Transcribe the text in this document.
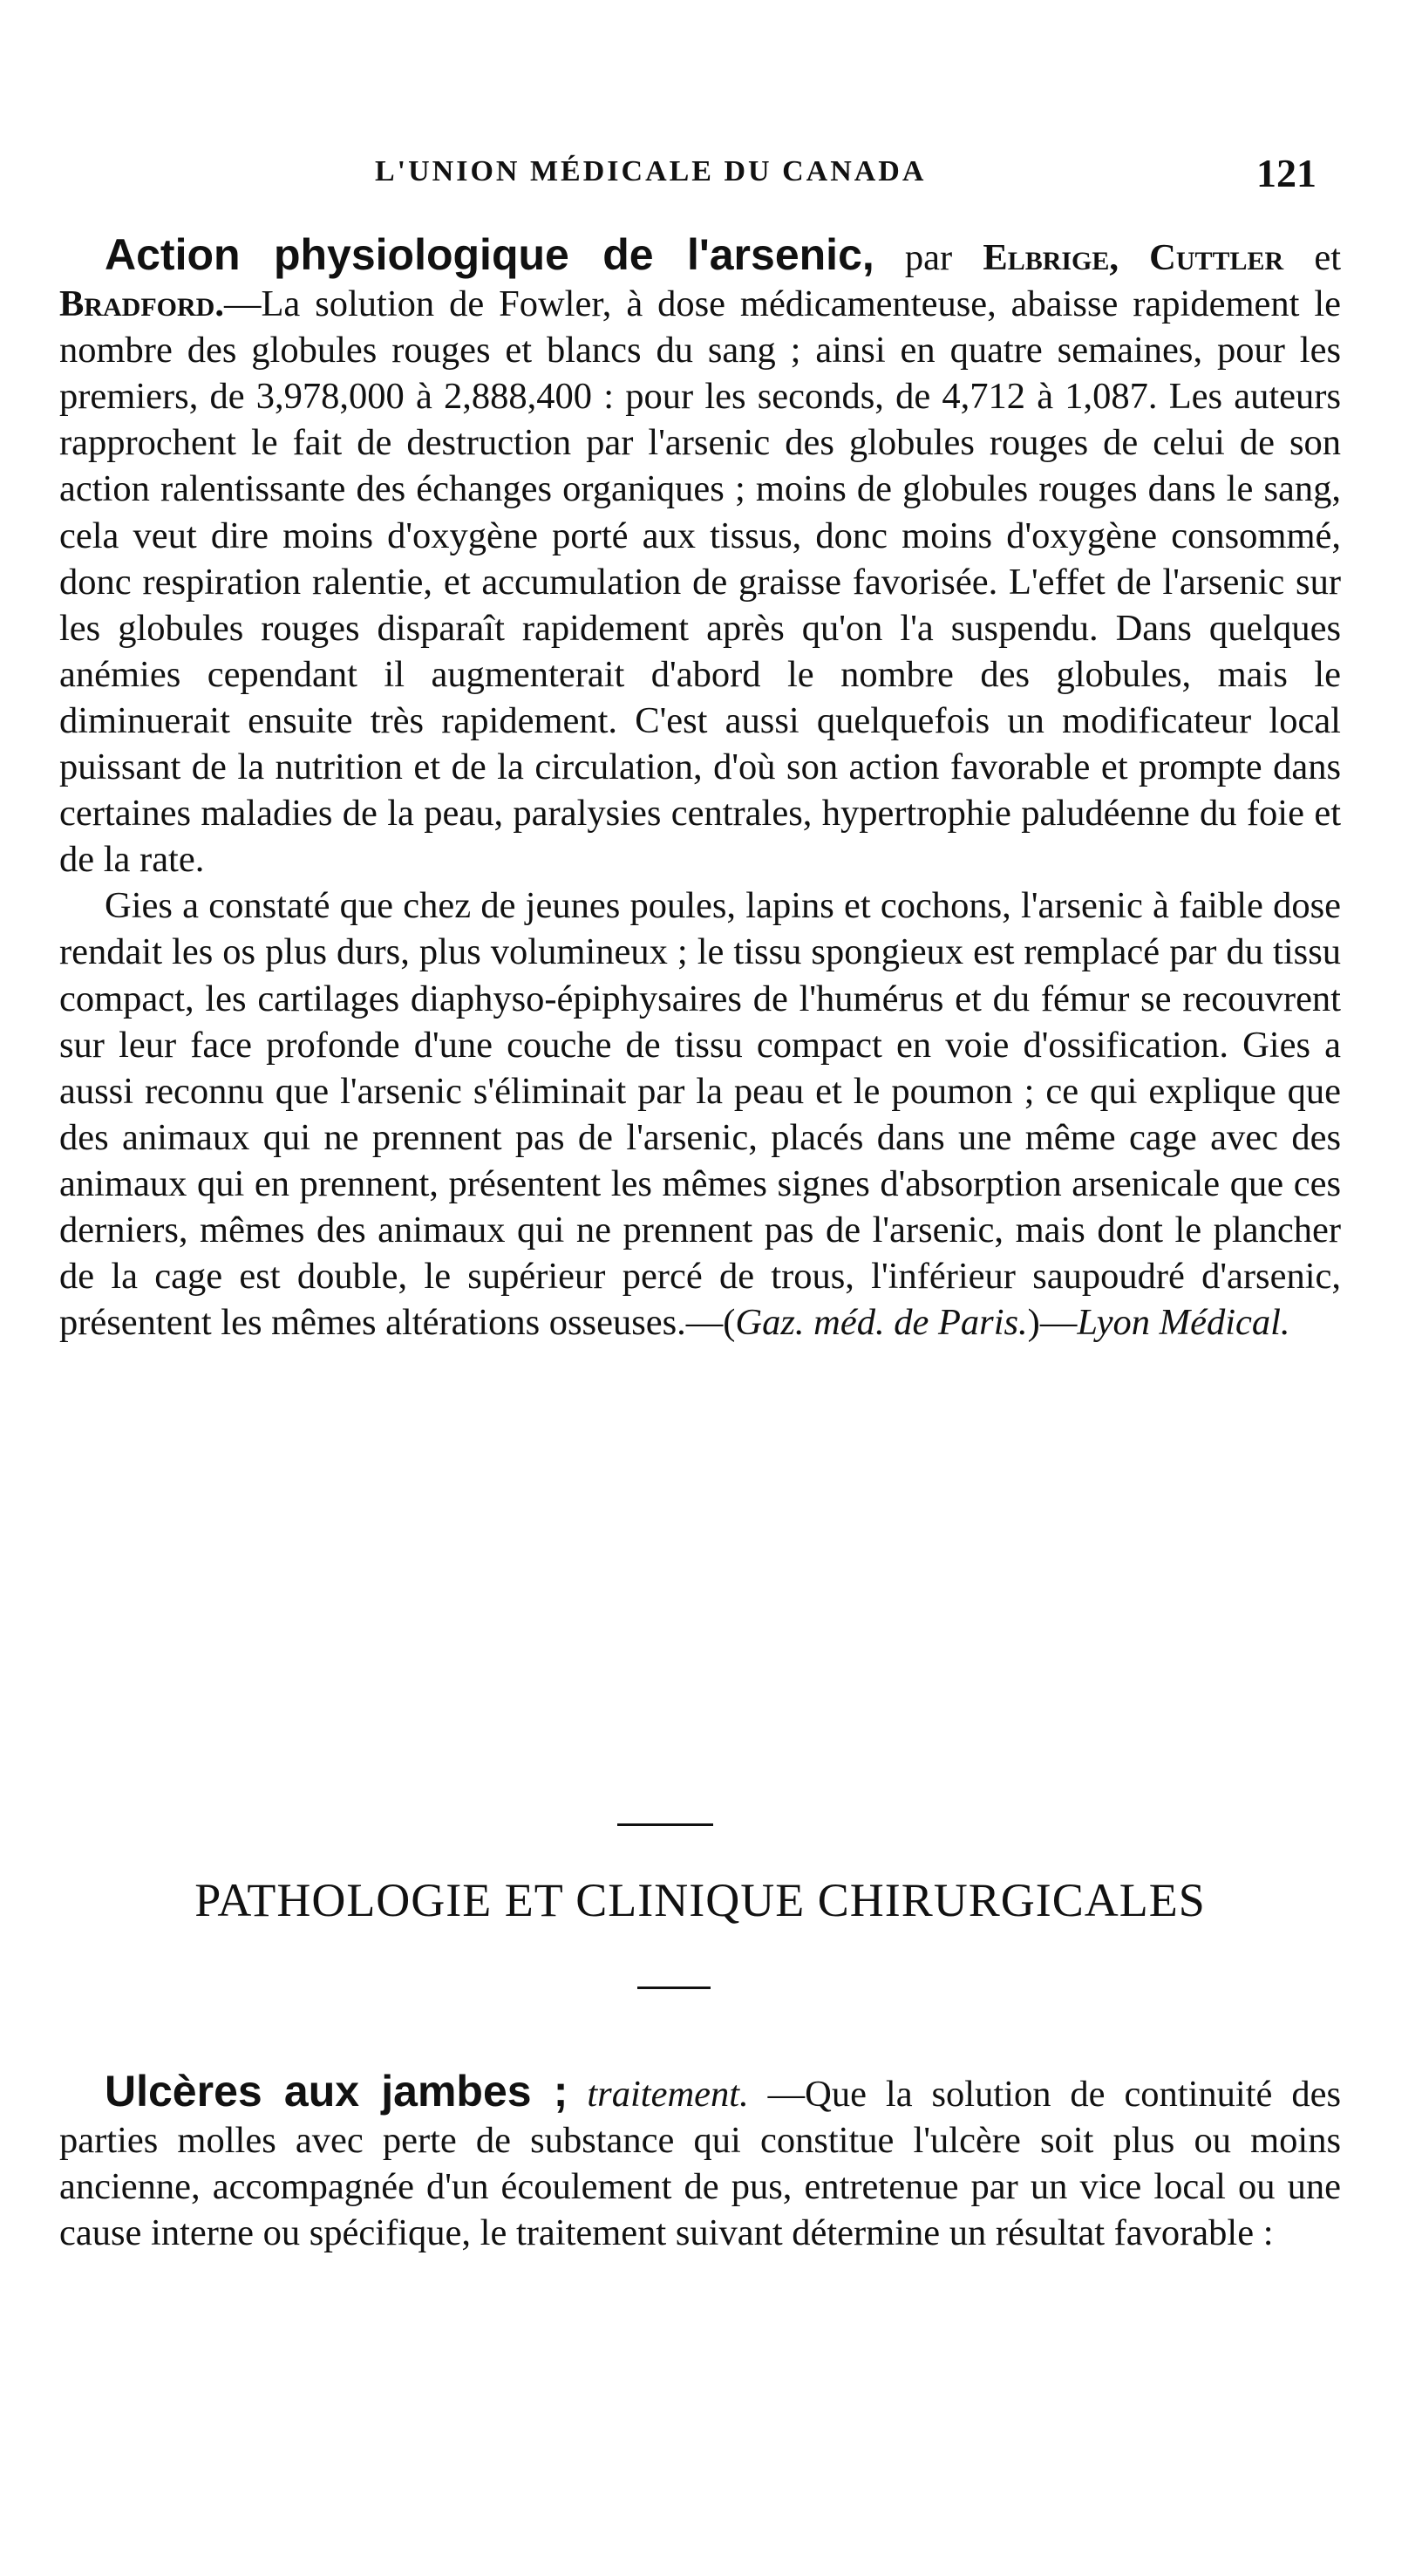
L'UNION MÉDICALE DU CANADA	121

Action physiologique de l'arsenic, par Elbrige, Cuttler et Bradford.—La solution de Fowler, à dose médicamenteuse, abaisse rapidement le nombre des globules rouges et blancs du sang ; ainsi en quatre semaines, pour les premiers, de 3,978,000 à 2,888,400 : pour les seconds, de 4,712 à 1,087. Les auteurs rapprochent le fait de destruction par l'arsenic des globules rouges de celui de son action ralentissante des échanges organiques ; moins de globules rouges dans le sang, cela veut dire moins d'oxygène porté aux tissus, donc moins d'oxygène consommé, donc respiration ralentie, et accumulation de graisse favorisée. L'effet de l'arsenic sur les globules rouges disparaît rapidement après qu'on l'a suspendu. Dans quelques anémies cependant il augmenterait d'abord le nombre des globules, mais le diminuerait ensuite très rapidement. C'est aussi quelquefois un modificateur local puissant de la nutrition et de la circulation, d'où son action favorable et prompte dans certaines maladies de la peau, paralysies centrales, hypertrophie paludéenne du foie et de la rate.

Gies a constaté que chez de jeunes poules, lapins et cochons, l'arsenic à faible dose rendait les os plus durs, plus volumineux ; le tissu spongieux est remplacé par du tissu compact, les cartilages diaphyso-épiphysaires de l'humérus et du fémur se recouvrent sur leur face profonde d'une couche de tissu compact en voie d'ossification. Gies a aussi reconnu que l'arsenic s'éliminait par la peau et le poumon ; ce qui explique que des animaux qui ne prennent pas de l'arsenic, placés dans une même cage avec des animaux qui en prennent, présentent les mêmes signes d'absorption arsenicale que ces derniers, mêmes des animaux qui ne prennent pas de l'arsenic, mais dont le plancher de la cage est double, le supérieur percé de trous, l'inférieur saupoudré d'arsenic, présentent les mêmes altérations osseuses.—(Gaz. méd. de Paris.)—Lyon Médical.

PATHOLOGIE ET CLINIQUE CHIRURGICALES

Ulcères aux jambes ; traitement. —Que la solution de continuité des parties molles avec perte de substance qui constitue l'ulcère soit plus ou moins ancienne, accompagnée d'un écoulement de pus, entretenue par un vice local ou une cause interne ou spécifique, le traitement suivant détermine un résultat favorable :
